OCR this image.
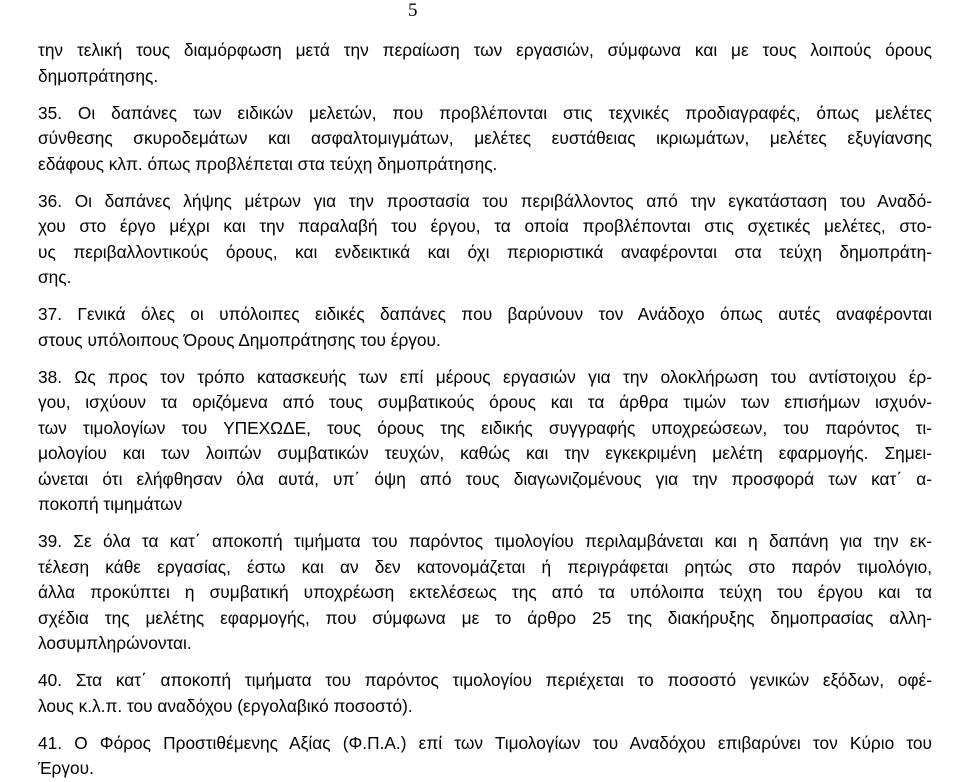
5
την τελική τους διαμόρφωση μετά την περαίωση των εργασιών, σύμφωνα και με τους λοιπούς όρους
δημοπράτησης.
35. Οι δαπάνες των ειδικών μελετών, που προβλέπονται στις τεχνικές προδιαγραφές, όπως μελέτες
σύνθεσης σκυροδεμάτων και ασφαλτομιγμάτων, μελέτες ευστάθειας ικριωμάτων, μελέτες εξυγίανσης
εδάφους κλπ. όπως προβλέπεται στα τεύχη δημοπράτησης.
36. Οι δαπάνες λήψης μέτρων για την προστασία του περιβάλλοντος από την εγκατάσταση του Αναδό-
χου στο έργο μέχρι και την παραλαβή του έργου, τα οποία προβλέπονται στις σχετικές μελέτες, στο-
υς περιβαλλοντικούς όρους, και ενδεικτικά και όχι περιοριστικά αναφέρονται στα τεύχη δημοπράτη-
σης.
37. Γενικά όλες οι υπόλοιπες ειδικές δαπάνες που βαρύνουν τον Ανάδοχο όπως αυτές αναφέρονται
στους υπόλοιπους Όρους Δημοπράτησης του έργου.
38. Ως προς τον τρόπο κατασκευής των επί μέρους εργασιών για την ολοκλήρωση του αντίστοιχου έρ-
γου, ισχύουν τα οριζόμενα από τους συμβατικούς όρους και τα άρθρα τιμών των επισήμων ισχυόν-
των τιμολογίων του ΥΠΕΧΩΔΕ, τους όρους της ειδικής συγγραφής υποχρεώσεων, του παρόντος τι-
μολογίου και των λοιπών συμβατικών τευχών, καθώς και την εγκεκριμένη μελέτη εφαρμογής. Σημει-
ώνεται ότι ελήφθησαν όλα αυτά, υπ΄ όψη από τους διαγωνιζομένους για την προσφορά τωv κατ΄ α-
ποκοπή τιμημάτων
39. Σε όλα τα κατ΄ αποκοπή τιμήματα του παρόντος τιμολογίου περιλαμβάνεται και η δαπάνη για την εκ-
τέλεση κάθε εργασίας, έστω και αν δεν κατονομάζεται ή περιγράφεται ρητώς στο παρόν τιμολόγιο,
άλλα προκύπτει η συμβατική υποχρέωση εκτελέσεως της από τα υπόλοιπα τεύχη του έργου και τα
σχέδια της μελέτης εφαρμογής, που σύμφωνα με το άρθρο 25 της διακήρυξης δημοπρασίας αλλη-
λοσυμπληρώνονται.
40. Στα κατ΄ αποκοπή τιμήματα του παρόντος τιμολογίου περιέχεται το ποσοστό γενικών εξόδων, οφέ-
λους κ.λ.π. του αναδόχου (εργολαβικό ποσοστό).
41. Ο Φόρος Προστιθέμενης Αξίας (Φ.Π.Α.) επί των Τιμολογίων του Αναδόχου επιβαρύνει τον Κύριο του
Έργου.
